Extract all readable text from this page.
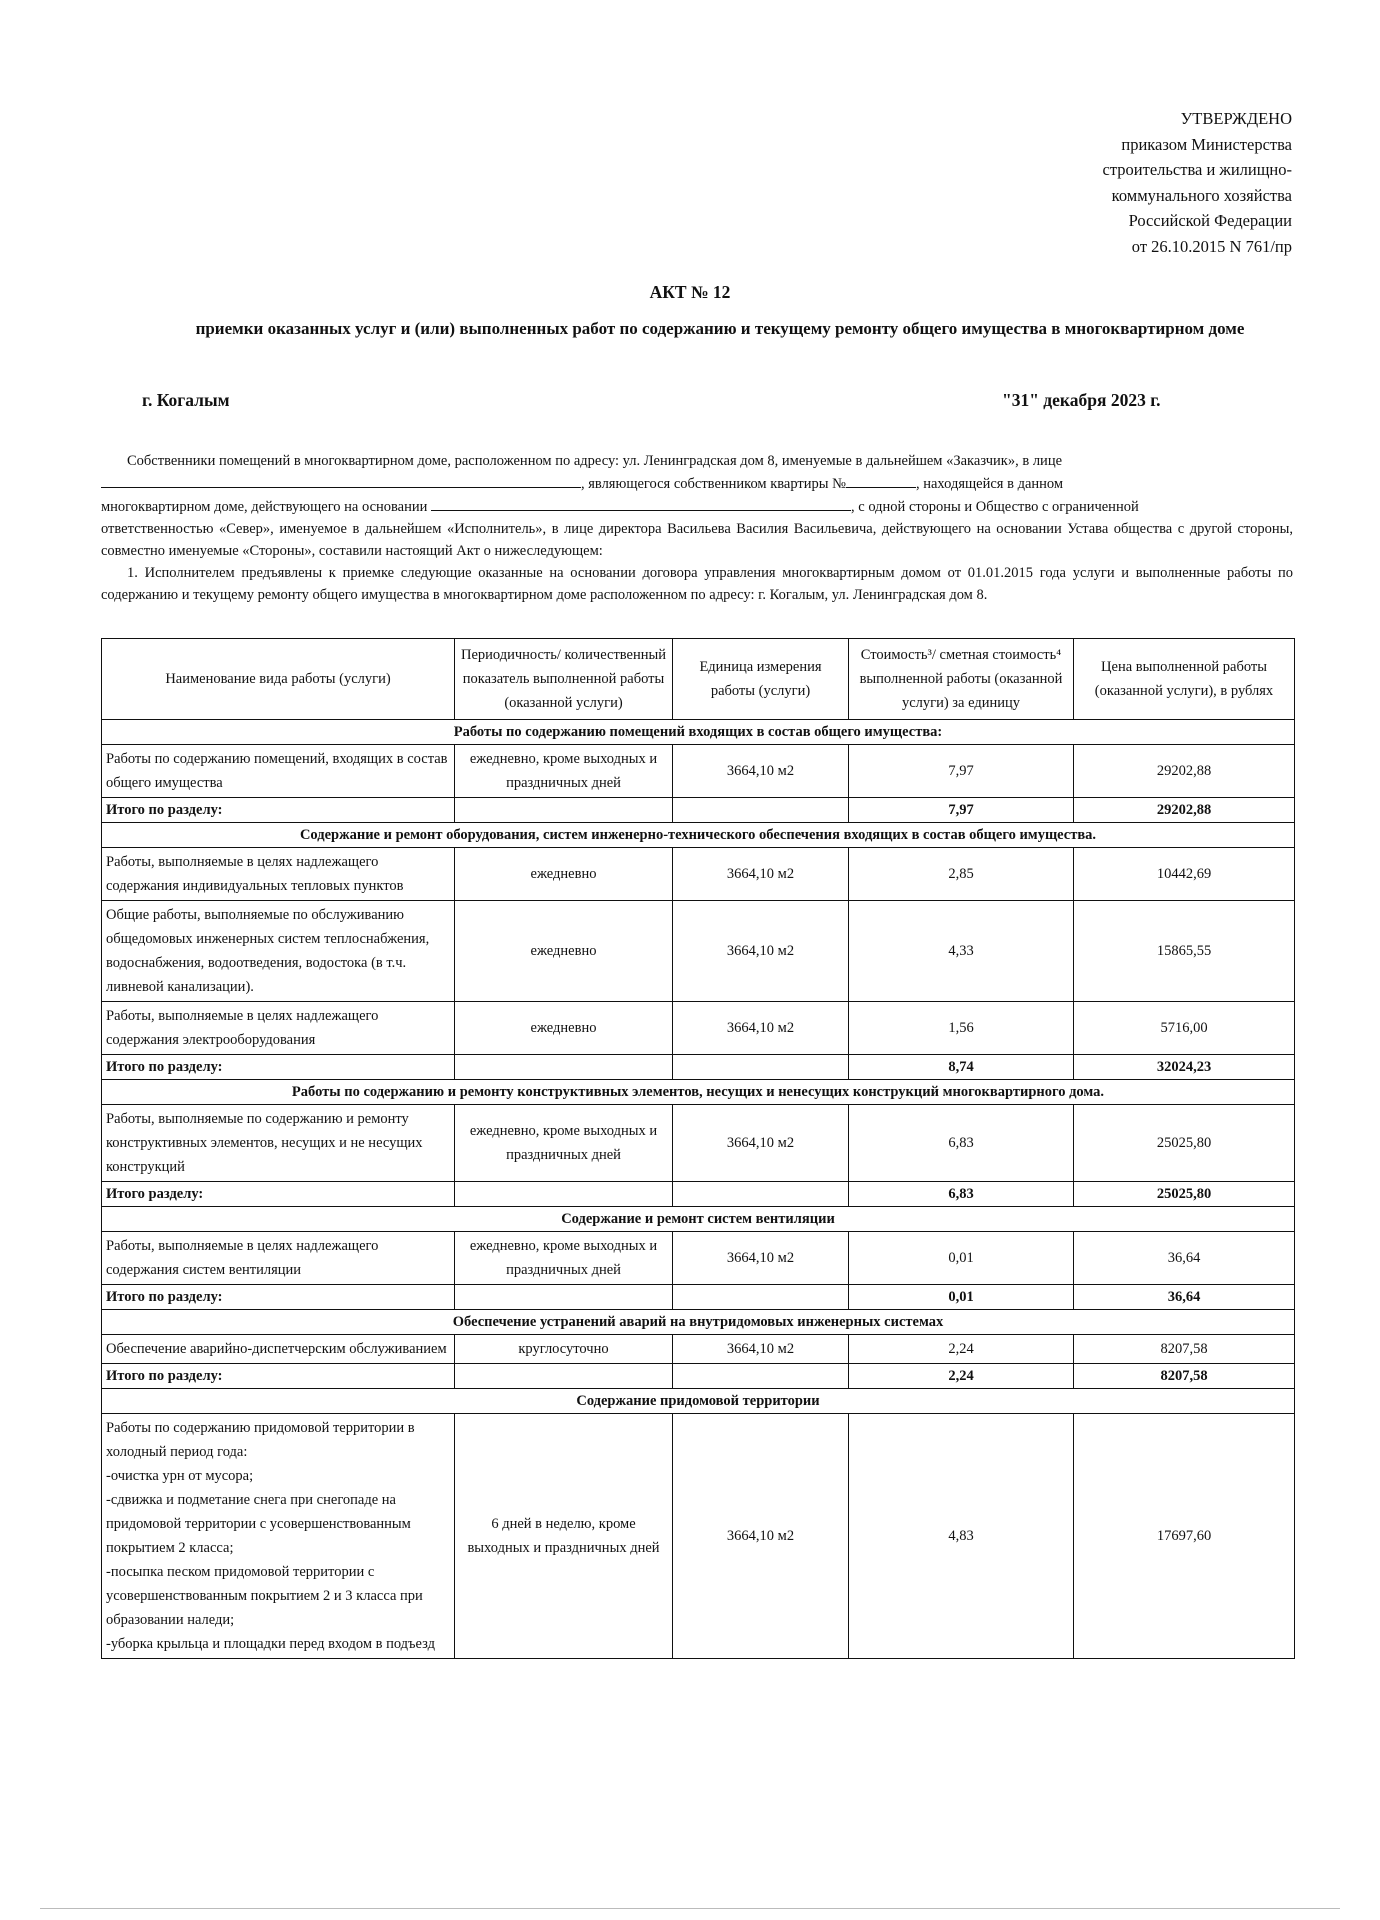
УТВЕРЖДЕНО
приказом Министерства
строительства и жилищно-
коммунального хозяйства
Российской Федерации
от 26.10.2015 N 761/пр
АКТ № 12
приемки оказанных услуг и (или) выполненных работ по содержанию и текущему ремонту общего имущества в многоквартирном доме
г. Когалым	"31" декабря 2023 г.

Собственники помещений в многоквартирном доме, расположенном по адресу: ул. Ленинградская дом 8, именуемые в дальнейшем «Заказчик», в лице

, являющегося собственником квартиры №	, находящейся в данном
многоквартирном доме, действующего на основании	, с одной стороны и Общество с ограниченной
ответственностью «Север», именуемое в дальнейшем «Исполнитель», в лице директора Васильева Василия Васильевича, действующего на основании Устава общества с другой стороны, совместно именуемые «Стороны», составили настоящий Акт о нижеследующем:

1. Исполнителем предъявлены к приемке следующие оказанные на основании договора управления многоквартирным домом от 01.01.2015 года услуги и выполненные работы по содержанию и текущему ремонту общего имущества в многоквартирном доме расположенном по адресу: г. Когалым, ул. Ленинградская дом 8.

Наименование вида работы (услуги)	Периодичность/ количественный показатель выполненной работы (оказанной услуги)	Единица измерения работы (услуги)	Стоимость³/ сметная стоимость⁴ выполненной работы (оказанной услуги) за единицу	Цена выполненной работы (оказанной услуги), в рублях
Работы по содержанию помещений входящих в состав общего имущества:				
Работы по содержанию помещений, входящих в состав общего имущества	ежедневно, кроме выходных и праздничных дней	3664,10 м2	7,97	29202,88
Итого по разделу:			7,97	29202,88
Содержание и ремонт оборудования, систем инженерно-технического обеспечения входящих в состав общего имущества.				
Работы, выполняемые в целях надлежащего содержания индивидуальных тепловых пунктов	ежедневно	3664,10 м2	2,85	10442,69
Общие работы, выполняемые по обслуживанию общедомовых инженерных систем теплоснабжения, водоснабжения, водоотведения, водостока (в т.ч. ливневой канализации).	ежедневно	3664,10 м2	4,33	15865,55
Работы, выполняемые в целях надлежащего содержания электрооборудования	ежедневно	3664,10 м2	1,56	5716,00
Итого по разделу:			8,74	32024,23
Работы по содержанию и ремонту конструктивных элементов, несущих и ненесущих конструкций многоквартирного дома.				
Работы, выполняемые по содержанию и ремонту конструктивных элементов, несущих и не несущих конструкций	ежедневно, кроме выходных и праздничных дней	3664,10 м2	6,83	25025,80
Итого разделу:			6,83	25025,80
Содержание и ремонт систем вентиляции				
Работы, выполняемые в целях надлежащего содержания систем вентиляции	ежедневно, кроме выходных и праздничных дней	3664,10 м2	0,01	36,64
Итого по разделу:			0,01	36,64
Обеспечение устранений аварий на внутридомовых инженерных системах				
Обеспечение аварийно-диспетчерским обслуживанием	круглосуточно	3664,10 м2	2,24	8207,58
Итого по разделу:			2,24	8207,58
Содержание придомовой территории				

Работы по содержанию придомовой территории в холодный период года:
-очистка урн от мусора;
-сдвижка и подметание снега при снегопаде на придомовой территории с усовершенствованным покрытием 2 класса;
-посыпка песком придомовой территории с усовершенствованным покрытием 2 и 3 класса при образовании наледи;
-уборка крыльца и площадки перед входом в подъезд	6 дней в неделю, кроме выходных и праздничных дней	3664,10 м2	4,83	17697,60
